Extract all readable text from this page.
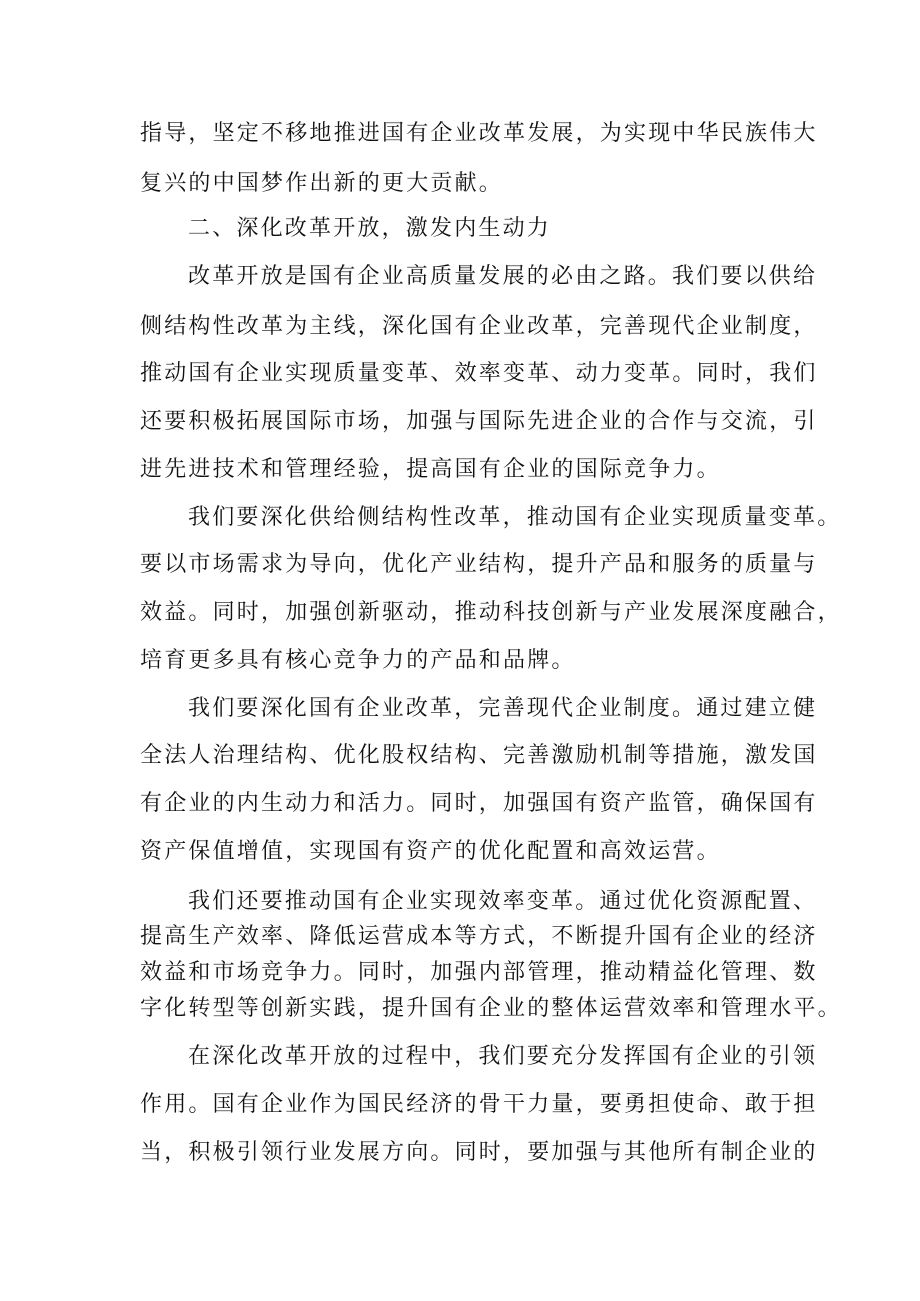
指导，坚定不移地推进国有企业改革发展，为实现中华民族伟大
复兴的中国梦作出新的更大贡献。
二、深化改革开放，激发内生动力
改革开放是国有企业高质量发展的必由之路。我们要以供给
侧结构性改革为主线，深化国有企业改革，完善现代企业制度，
推动国有企业实现质量变革、效率变革、动力变革。同时，我们
还要积极拓展国际市场，加强与国际先进企业的合作与交流，引
进先进技术和管理经验，提高国有企业的国际竞争力。
我们要深化供给侧结构性改革，推动国有企业实现质量变革。
要以市场需求为导向，优化产业结构，提升产品和服务的质量与
效益。同时，加强创新驱动，推动科技创新与产业发展深度融合，
培育更多具有核心竞争力的产品和品牌。
我们要深化国有企业改革，完善现代企业制度。通过建立健
全法人治理结构、优化股权结构、完善激励机制等措施，激发国
有企业的内生动力和活力。同时，加强国有资产监管，确保国有
资产保值增值，实现国有资产的优化配置和高效运营。
我们还要推动国有企业实现效率变革。通过优化资源配置、
提高生产效率、降低运营成本等方式，不断提升国有企业的经济
效益和市场竞争力。同时，加强内部管理，推动精益化管理、数
字化转型等创新实践，提升国有企业的整体运营效率和管理水平。
在深化改革开放的过程中，我们要充分发挥国有企业的引领
作用。国有企业作为国民经济的骨干力量，要勇担使命、敢于担
当，积极引领行业发展方向。同时，要加强与其他所有制企业的
